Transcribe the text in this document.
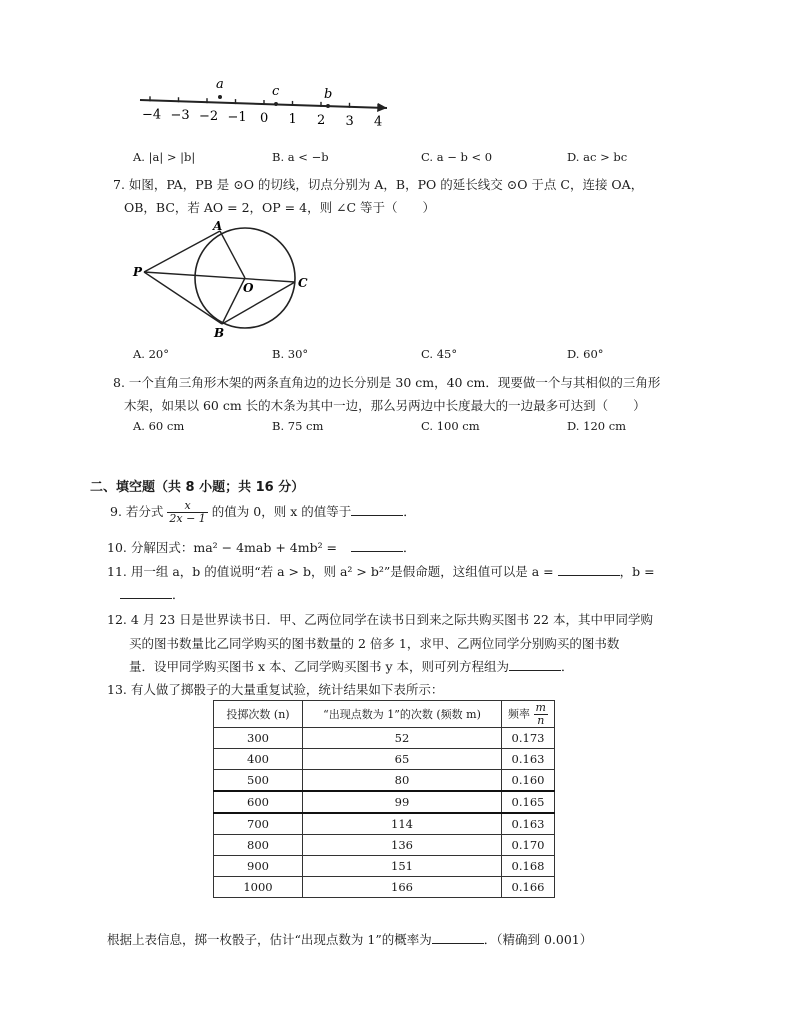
−4 −3 −2 −1 0 1 2 3 4
a	c	b
A. |a| > |b|	B. a < −b	C. a − b < 0	D. ac > bc
7. 如图，PA，PB 是 ⊙O 的切线，切点分别为 A，B，PO 的延长线交 ⊙O 于点 C，连接 OA，
OB，BC，若 AO = 2，OP = 4，则 ∠C 等于（　　）
A
P
O	C
B
A. 20°	B. 30°	C. 45°	D. 60°
8. 一个直角三角形木架的两条直角边的边长分别是 30 cm，40 cm．现要做一个与其相似的三角形
木架，如果以 60 cm 长的木条为其中一边，那么另两边中长度最大的一边最多可达到（　　）
A. 60 cm	B. 75 cm	C. 100 cm	D. 120 cm
二、填空题（共 8 小题；共 16 分）
9. 若分式 $\frac{x}{2x - 1}$ 的值为 0，则 x 的值等于	．
10. 分解因式：ma² − 4mab + 4mb² =	．
11. 用一组 a，b 的值说明“若 a > b，则 a² > b²”是假命题，这组值可以是 a =	，b =
．
12. 4 月 23 日是世界读书日．甲、乙两位同学在读书日到来之际共购买图书 22 本，其中甲同学购
买的图书数量比乙同学购买的图书数量的 2 倍多 1，求甲、乙两位同学分别购买的图书数
量．设甲同学购买图书 x 本、乙同学购买图书 y 本，则可列方程组为	．
13. 有人做了掷骰子的大量重复试验，统计结果如下表所示：
投掷次数 (n)	“出现点数为 1”的次数 (频数 m)	频率 $\frac{m}{n}$

300	52	0.173
400	65	0.163
500	80	0.160
600	99	0.165
700	114	0.163
800	136	0.170
900	151	0.168
1000	166	0.166
根据上表信息，掷一枚骰子，估计“出现点数为 1”的概率为	．（精确到 0.001）
